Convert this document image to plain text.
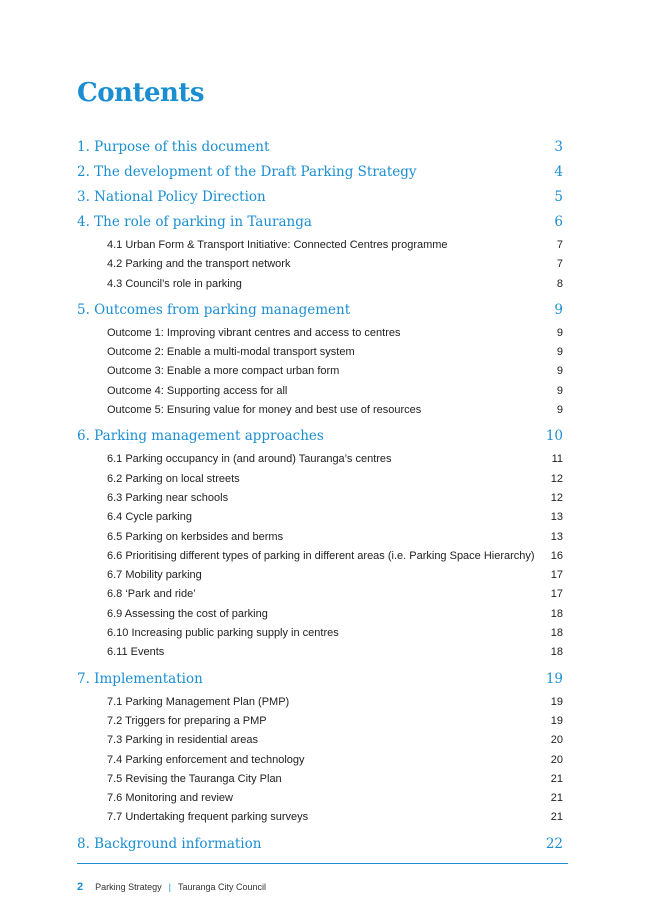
Contents
1. Purpose of this document	3
2. The development of the Draft Parking Strategy	4
3. National Policy Direction	5
4. The role of parking in Tauranga	6
4.1 Urban Form & Transport Initiative: Connected Centres programme	7
4.2 Parking and the transport network	7
4.3 Council’s role in parking	8
5. Outcomes from parking management	9
Outcome 1: Improving vibrant centres and access to centres	9
Outcome 2: Enable a multi-modal transport system	9
Outcome 3: Enable a more compact urban form	9
Outcome 4: Supporting access for all	9
Outcome 5: Ensuring value for money and best use of resources	9
6. Parking management approaches	10
6.1 Parking occupancy in (and around) Tauranga’s centres	11
6.2 Parking on local streets	12
6.3 Parking near schools	12
6.4 Cycle parking	13
6.5 Parking on kerbsides and berms	13
6.6 Prioritising different types of parking in different areas (i.e. Parking Space Hierarchy) 16
6.7 Mobility parking	17
6.8 ‘Park and ride’	17
6.9 Assessing the cost of parking	18
6.10 Increasing public parking supply in centres	18
6.11 Events	18
7. Implementation	19
7.1 Parking Management Plan (PMP)	19
7.2 Triggers for preparing a PMP	19
7.3 Parking in residential areas	20
7.4 Parking enforcement and technology	20
7.5 Revising the Tauranga City Plan	21
7.6 Monitoring and review	21
7.7 Undertaking frequent parking surveys	21
8. Background information	22
2 Parking Strategy | Tauranga City Council
